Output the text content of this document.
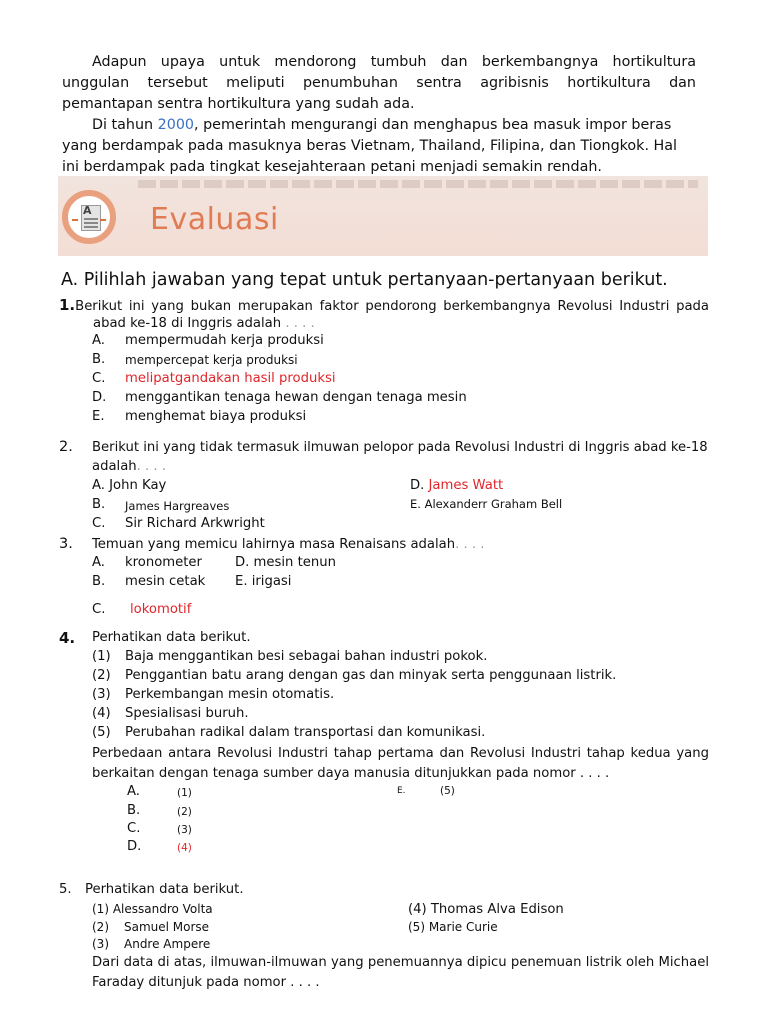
Adapun upaya untuk mendorong tumbuh dan berkembangnya hortikultura
unggulan tersebut meliputi penumbuhan sentra agribisnis hortikultura dan
pemantapan sentra hortikultura yang sudah ada.
Di tahun 2000, pemerintah mengurangi dan menghapus bea masuk impor beras
yang berdampak pada masuknya beras Vietnam, Thailand, Filipina, dan Tiongkok. Hal
ini berdampak pada tingkat kesejahteraan petani menjadi semakin rendah.
A Evaluasi
A. Pilihlah jawaban yang tepat untuk pertanyaan-pertanyaan berikut.
1.Berikut ini yang bukan merupakan faktor pendorong berkembangnya Revolusi Industri pada
abad ke-18 di Inggris adalah . . . .
A. mempermudah kerja produksi
B. mempercepat kerja produksi
C. melipatgandakan hasil produksi
D. menggantikan tenaga hewan dengan tenaga mesin
E. menghemat biaya produksi
2. Berikut ini yang tidak termasuk ilmuwan pelopor pada Revolusi Industri di Inggris abad ke-18
adalah. . . .
A. John Kay
B. James Hargreaves
C. Sir Richard Arkwright
D. James Watt
E. Alexanderr Graham Bell
3. Temuan yang memicu lahirnya masa Renaisans adalah. . . .
A. kronometer	D. mesin tenun
B. mesin cetak E. irigasi
C. lokomotif
4. Perhatikan data berikut.
(1) Baja menggantikan besi sebagai bahan industri pokok.
(2) Penggantian batu arang dengan gas dan minyak serta penggunaan listrik.
(3) Perkembangan mesin otomatis.
(4) Spesialisasi buruh.
(5) Perubahan radikal dalam transportasi dan komunikasi.
Perbedaan antara Revolusi Industri tahap pertama dan Revolusi Industri tahap kedua yang
berkaitan dengan tenaga sumber daya manusia ditunjukkan pada nomor . . . .
A.	(1)
B.	(2)
C.	(3)
D.	(4)
E.	(5)
5. Perhatikan data berikut.
(1) Alessandro Volta
(2) Samuel Morse
(3) Andre Ampere
(4) Thomas Alva Edison
(5) Marie Curie
Dari data di atas, ilmuwan-ilmuwan yang penemuannya dipicu penemuan listrik oleh Michael
Faraday ditunjuk pada nomor . . . .
